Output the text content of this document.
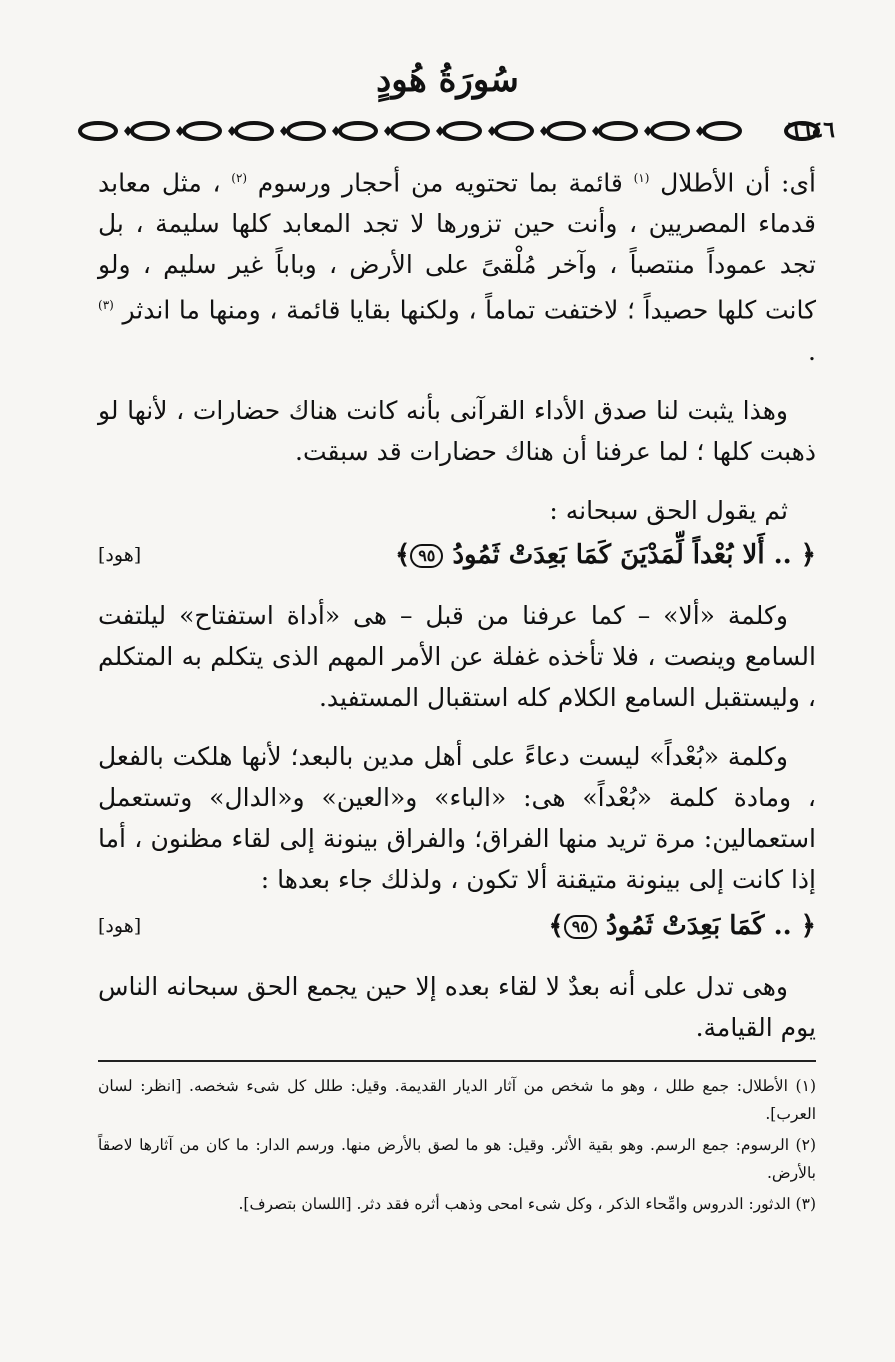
سُورَةُ هُودٍ
٦٦٤٦

أى: أن الأطلال $^{(١)}$ قائمة بما تحتويه من أحجار ورسوم $^{(٢)}$ ، مثل معابد قدماء المصريين ، وأنت حين تزورها لا تجد المعابد كلها سليمة ، بل تجد عموداً منتصباً ، وآخر مُلْقىً على الأرض ، وباباً غير سليم ، ولو كانت كلها حصيداً ؛ لاختفت تماماً ، ولكنها بقايا قائمة ، ومنها ما اندثر $^{(٣)}$ .

وهذا يثبت لنا صدق الأداء القرآنى بأنه كانت هناك حضارات ، لأنها لو ذهبت كلها ؛ لما عرفنا أن هناك حضارات قد سبقت.

ثم يقول الحق سبحانه :

﴿ .. أَلا بُعْداً لِّمَدْيَنَ كَمَا بَعِدَتْ ثَمُودُ ٩٥﴾
[هود]

وكلمة «ألا» – كما عرفنا من قبل – هى «أداة استفتاح» ليلتفت السامع وينصت ، فلا تأخذه غفلة عن الأمر المهم الذى يتكلم به المتكلم ، وليستقبل السامع الكلام كله استقبال المستفيد.

وكلمة «بُعْداً» ليست دعاءً على أهل مدين بالبعد؛ لأنها هلكت بالفعل ، ومادة كلمة «بُعْداً» هى: «الباء» و«العين» و«الدال» وتستعمل استعمالين: مرة تريد منها الفراق؛ والفراق بينونة إلى لقاء مظنون ، أما إذا كانت إلى بينونة متيقنة ألا تكون ، ولذلك جاء بعدها :

﴿ .. كَمَا بَعِدَتْ ثَمُودُ ٩٥﴾
[هود]

وهى تدل على أنه بعدٌ لا لقاء بعده إلا حين يجمع الحق سبحانه الناس يوم القيامة.

(١) الأطلال: جمع طلل ، وهو ما شخص من آثار الديار القديمة. وقيل: طلل كل شىء شخصه. [انظر: لسان العرب].

(٢) الرسوم: جمع الرسم. وهو بقية الأثر. وقيل: هو ما لصق بالأرض منها. ورسم الدار: ما كان من آثارها لاصقاً بالأرض.

(٣) الدثور: الدروس وامِّحاء الذكر ، وكل شىء امحى وذهب أثره فقد دثر. [اللسان بتصرف].
